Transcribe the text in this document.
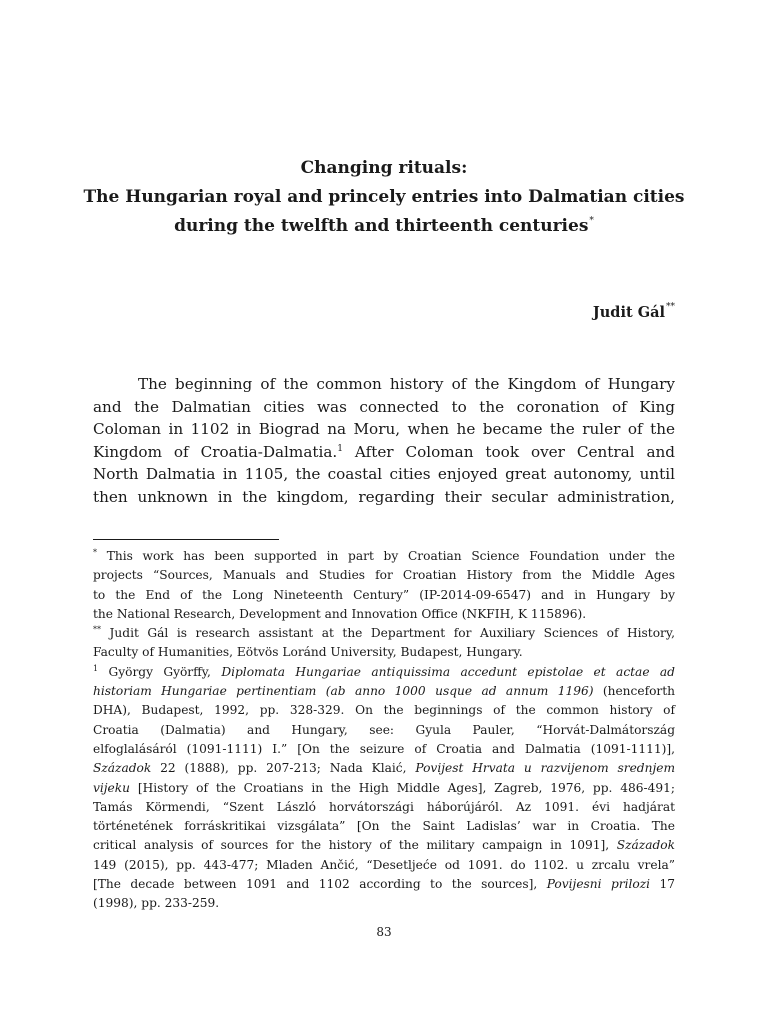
Changing rituals:
The Hungarian royal and princely entries into Dalmatian cities
during the twelfth and thirteenth centuries*
Judit Gál**
The beginning of the common history of the Kingdom of Hungary
and the Dalmatian cities was connected to the coronation of King
Coloman in 1102 in Biograd na Moru, when he became the ruler of the
Kingdom of Croatia-Dalmatia.$^1$ After Coloman took over Central and
North Dalmatia in 1105, the coastal cities enjoyed great autonomy, until
then unknown in the kingdom, regarding their secular administration,
* This work has been supported in part by Croatian Science Foundation under the
projects “Sources, Manuals and Studies for Croatian History from the Middle Ages
to the End of the Long Nineteenth Century” (IP-2014-09-6547) and in Hungary by
the National Research, Development and Innovation Office (NKFIH, K 115896).
** Judit Gál is research assistant at the Department for Auxiliary Sciences of History,
Faculty of Humanities, Eötvös Loránd University, Budapest, Hungary.
$^1$ György Györffy, Diplomata Hungariae antiquissima accedunt epistolae et actae ad
historiam Hungariae pertinentiam (ab anno 1000 usque ad annum 1196) (henceforth
DHA), Budapest, 1992, pp. 328-329. On the beginnings of the common history of
Croatia (Dalmatia) and Hungary, see: Gyula Pauler, “Horvát-Dalmátország
elfoglalásáról (1091-1111) I.” [On the seizure of Croatia and Dalmatia (1091-1111)],
Századok 22 (1888), pp. 207-213; Nada Klaić, Povijest Hrvata u razvijenom srednjem
vijeku [History of the Croatians in the High Middle Ages], Zagreb, 1976, pp. 486-491;
Tamás Körmendi, “Szent László horvátországi háborújáról. Az 1091. évi hadjárat
történetének forráskritikai vizsgálata” [On the Saint Ladislas’ war in Croatia. The
critical analysis of sources for the history of the military campaign in 1091], Századok
149 (2015), pp. 443-477; Mladen Ančić, “Desetljeće od 1091. do 1102. u zrcalu vrela”
[The decade between 1091 and 1102 according to the sources], Povijesni prilozi 17
(1998), pp. 233-259.
83
